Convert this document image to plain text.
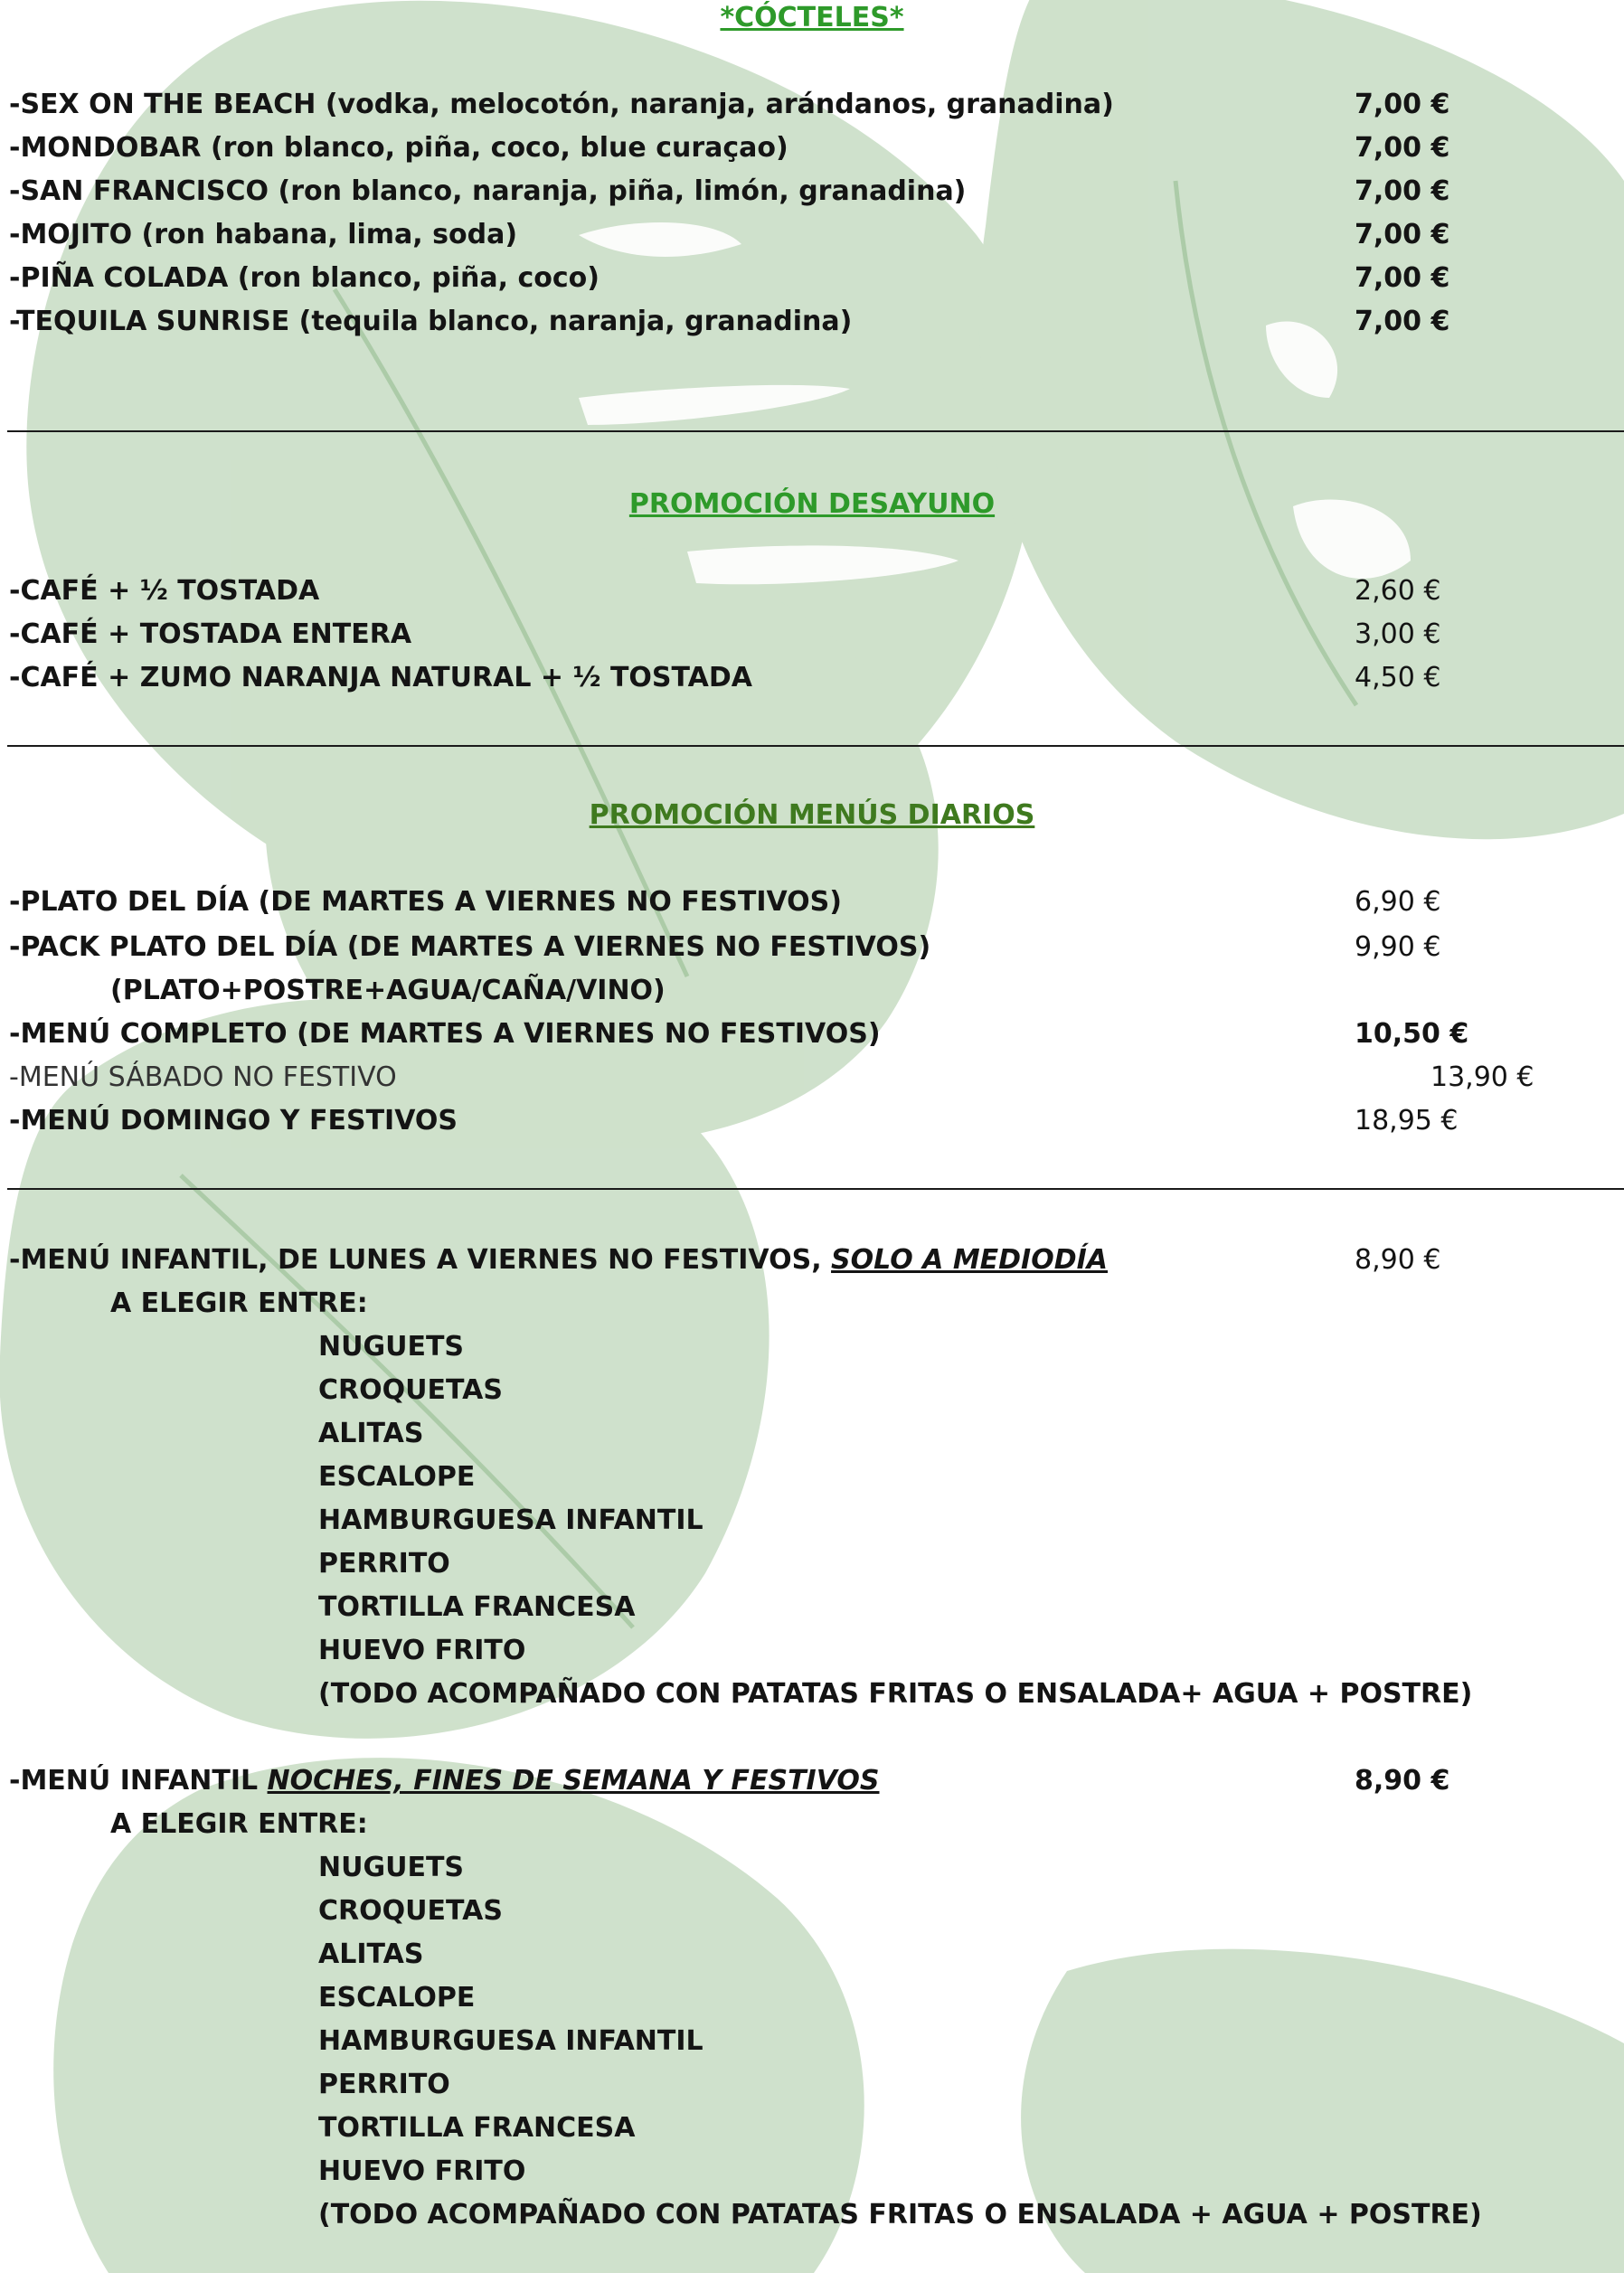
*CÓCTELES*
-SEX ON THE BEACH (vodka, melocotón, naranja, arándanos, granadina)	7,00 €
-MONDOBAR (ron blanco, piña, coco, blue curaçao)	7,00 €
-SAN FRANCISCO (ron blanco, naranja, piña, limón, granadina)	7,00 €
-MOJITO (ron habana, lima, soda)	7,00 €
-PIÑA COLADA (ron blanco, piña, coco)	7,00 €
-TEQUILA SUNRISE (tequila blanco, naranja, granadina)	7,00 €
PROMOCIÓN DESAYUNO
-CAFÉ + ½ TOSTADA	2,60 €
-CAFÉ + TOSTADA ENTERA	3,00 €
-CAFÉ + ZUMO NARANJA NATURAL + ½ TOSTADA	4,50 €
PROMOCIÓN MENÚS DIARIOS
-PLATO DEL DÍA (DE MARTES A VIERNES NO FESTIVOS)	6,90 €
-PACK PLATO DEL DÍA (DE MARTES A VIERNES NO FESTIVOS)	9,90 €
(PLATO+POSTRE+AGUA/CAÑA/VINO)
-MENÚ COMPLETO (DE MARTES A VIERNES NO FESTIVOS)	10,50 €
-MENÚ SÁBADO NO FESTIVO	13,90 €
-MENÚ DOMINGO Y FESTIVOS	18,95 €
-MENÚ INFANTIL, DE LUNES A VIERNES NO FESTIVOS, SOLO A MEDIODÍA	8,90 €
A ELEGIR ENTRE:
NUGUETS
CROQUETAS
ALITAS
ESCALOPE
HAMBURGUESA INFANTIL
PERRITO
TORTILLA FRANCESA
HUEVO FRITO
(TODO ACOMPAÑADO CON PATATAS FRITAS O ENSALADA+ AGUA + POSTRE)
-MENÚ INFANTIL NOCHES, FINES DE SEMANA Y FESTIVOS	8,90 €
A ELEGIR ENTRE:
NUGUETS
CROQUETAS
ALITAS
ESCALOPE
HAMBURGUESA INFANTIL
PERRITO
TORTILLA FRANCESA
HUEVO FRITO
(TODO ACOMPAÑADO CON PATATAS FRITAS O ENSALADA + AGUA + POSTRE)
